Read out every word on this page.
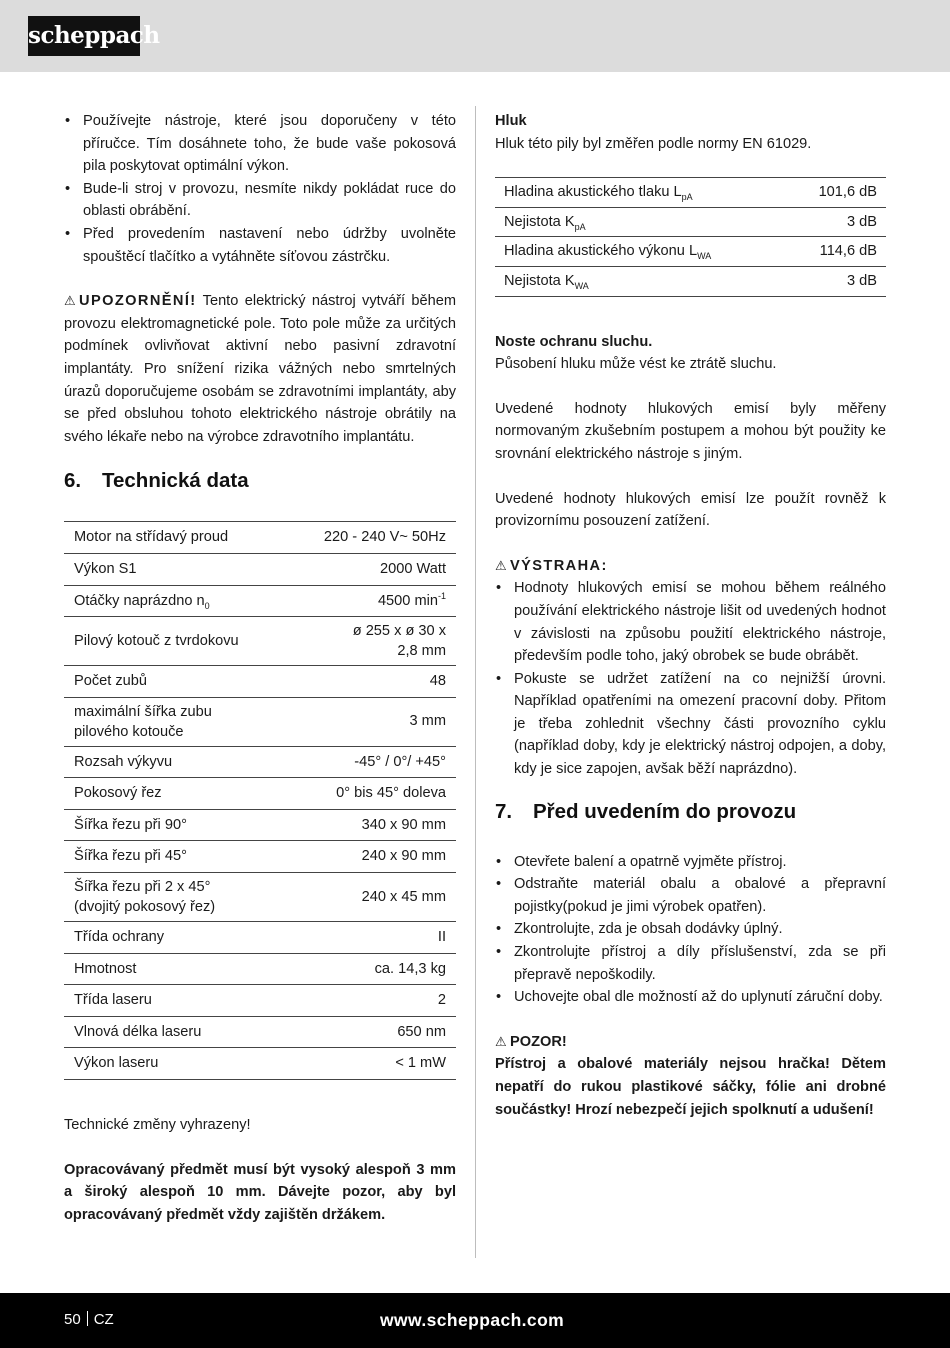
scheppach
• Používejte nástroje, které jsou doporučeny v této příručce. Tím dosáhnete toho, že bude vaše pokosová pila poskytovat optimální výkon.
• Bude-li stroj v provozu, nesmíte nikdy pokládat ruce do oblasti obrábění.
• Před provedením nastavení nebo údržby uvolněte spouštěcí tlačítko a vytáhněte síťovou zástrčku.

⚠ UPOZORNĚNÍ! Tento elektrický nástroj vytváří během provozu elektromagnetické pole. Toto pole může za určitých podmínek ovlivňovat aktivní nebo pasivní zdravotní implantáty. Pro snížení rizika vážných nebo smrtelných úrazů doporučujeme osobám se zdravotními implantáty, aby se před obsluhou tohoto elektrického nástroje obrátily na svého lékaře nebo na výrobce zdravotního implantátu.

6. Technická data
Motor na střídavý proud	220 - 240 V~ 50Hz
Výkon S1	2000 Watt
Otáčky naprázdno $n_0$	4500 $\min^{-1}$
Pilový kotouč z tvrdokovu	ø 255 x ø 30 x
2,8 mm
Počet zubů	48
maximální šířka zubu
pilového kotouče	3 mm
Rozsah výkyvu	-45° / 0°/ +45°
Pokosový řez	0° bis 45° doleva
Šířka řezu při 90°	340 x 90 mm
Šířka řezu při 45°	240 x 90 mm
Šířka řezu při 2 x 45°
(dvojitý pokosový řez)	240 x 45 mm
Třída ochrany	II
Hmotnost	ca. 14,3 kg
Třída laseru	2
Vlnová délka laseru	650 nm
Výkon laseru	< 1 mW

Technické změny vyhrazeny!

Opracovávaný předmět musí být vysoký alespoň 3 mm a široký alespoň 10 mm. Dávejte pozor, aby byl opracovávaný předmět vždy zajištěn držákem.

Hluk

Hluk této pily byl změřen podle normy EN 61029.

Hladina akustického tlaku $L_{pA}$	101,6 dB
Nejistota $K_{pA}$	3 dB
Hladina akustického výkonu $L_{WA}$	114,6 dB
Nejistota $K_{WA}$	3 dB

Noste ochranu sluchu.

Působení hluku může vést ke ztrátě sluchu.

Uvedené hodnoty hlukových emisí byly měřeny normovaným zkušebním postupem a mohou být použity ke srovnání elektrického nástroje s jiným.

Uvedené hodnoty hlukových emisí lze použít rovněž k provizornímu posouzení zatížení.

⚠ VÝSTRAHA:

• Hodnoty hlukových emisí se mohou během reálného používání elektrického nástroje lišit od uvedených hodnot v závislosti na způsobu použití elektrického nástroje, především podle toho, jaký obrobek se bude obrábět.
• Pokuste se udržet zatížení na co nejnižší úrovni. Například opatřeními na omezení pracovní doby. Přitom je třeba zohlednit všechny části provozního cyklu (například doby, kdy je elektrický nástroj odpojen, a doby, kdy je sice zapojen, avšak běží naprázdno).
7. Před uvedením do provozu
• Otevřete balení a opatrně vyjměte přístroj.
• Odstraňte materiál obalu a obalové a přepravní pojistky(pokud je jimi výrobek opatřen).
• Zkontrolujte, zda je obsah dodávky úplný.
• Zkontrolujte přístroj a díly příslušenství, zda se při přepravě nepoškodily.
• Uchovejte obal dle možností až do uplynutí záruční doby.

⚠ POZOR!

Přístroj a obalové materiály nejsou hračka! Dětem nepatří do rukou plastikové sáčky, fólie ani drobné součástky! Hrozí nebezpečí jejich spolknutí a udušení!

50 CZ	www.scheppach.com
